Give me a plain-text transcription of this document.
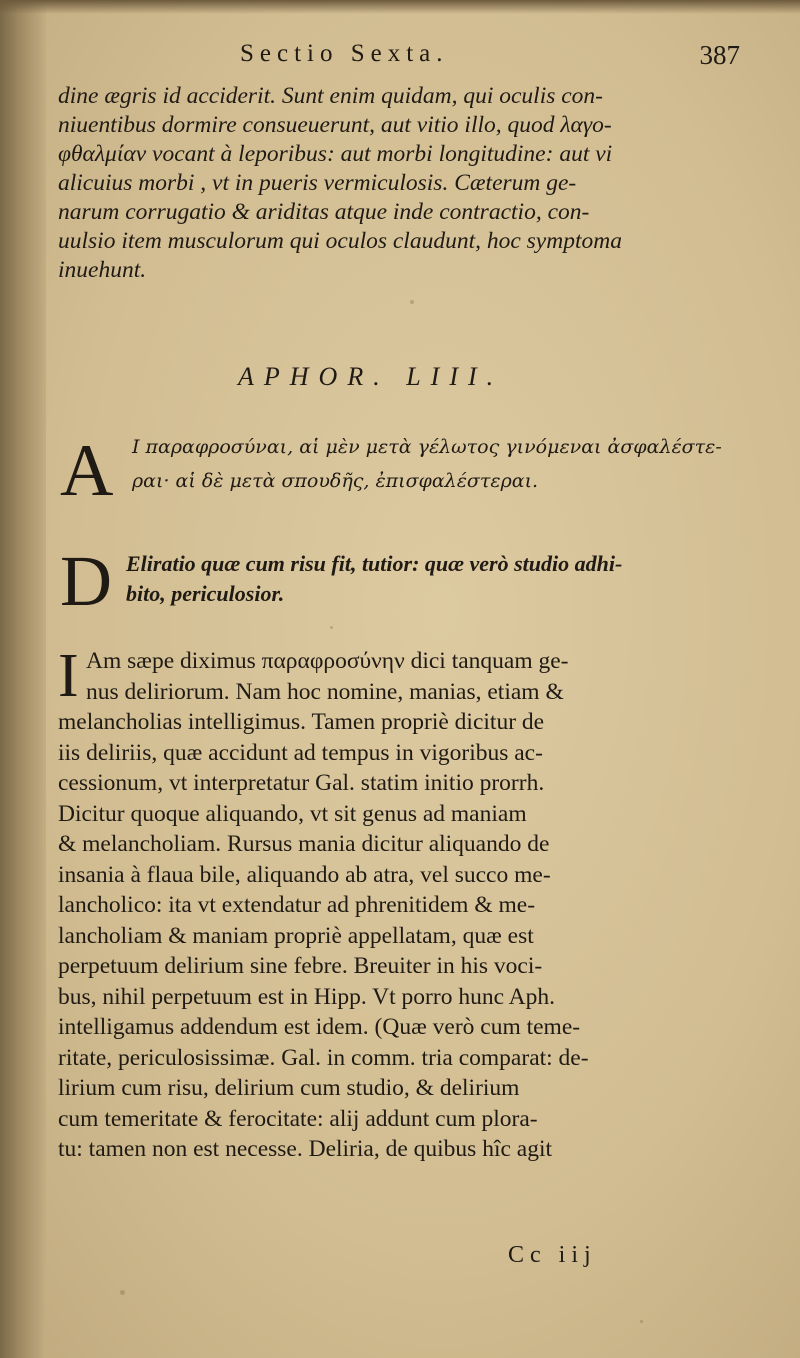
Sectio Sexta.	387
dine ægris id acciderit. Sunt enim quidam, qui oculis con-
niuentibus dormire consueuerunt, aut vitio illo, quod λαγο-
φθαλμίαν vocant à leporibus: aut morbi longitudine: aut vi
alicuius morbi , vt in pueris vermiculosis. Cæterum ge-
narum corrugatio & ariditas atque inde contractio, con-
uulsio item musculorum qui oculos claudunt, hoc symptoma
inuehunt.
APHOR. LIII.
A Ι παραφροσύναι, αἱ μὲν μετὰ γέλωτος γινόμεναι ἀσφαλέστε-
ραι· αἱ δὲ μετὰ σπουδῆς, ἐπισφαλέστεραι.
D Eliratio quæ cum risu fit, tutior: quæ verò studio adhi-
bito, periculosior.
I Am sæpe diximus παραφροσύνην dici tanquam ge-
nus deliriorum. Nam hoc nomine, manias, etiam &
melancholias intelligimus. Tamen propriè dicitur de
iis deliriis, quæ accidunt ad tempus in vigoribus ac-
cessionum, vt interpretatur Gal. statim initio prorrh.
Dicitur quoque aliquando, vt sit genus ad maniam
& melancholiam. Rursus mania dicitur aliquando de
insania à flaua bile, aliquando ab atra, vel succo me-
lancholico: ita vt extendatur ad phrenitidem & me-
lancholiam & maniam propriè appellatam, quæ est
perpetuum delirium sine febre. Breuiter in his voci-
bus, nihil perpetuum est in Hipp. Vt porro hunc Aph.
intelligamus addendum est idem. (Quæ verò cum teme-
ritate, periculosissimæ. Gal. in comm. tria comparat: de-
lirium cum risu, delirium cum studio, & delirium
cum temeritate & ferocitate: alij addunt cum plora-
tu: tamen non est necesse. Deliria, de quibus hîc agit
Cc iij
